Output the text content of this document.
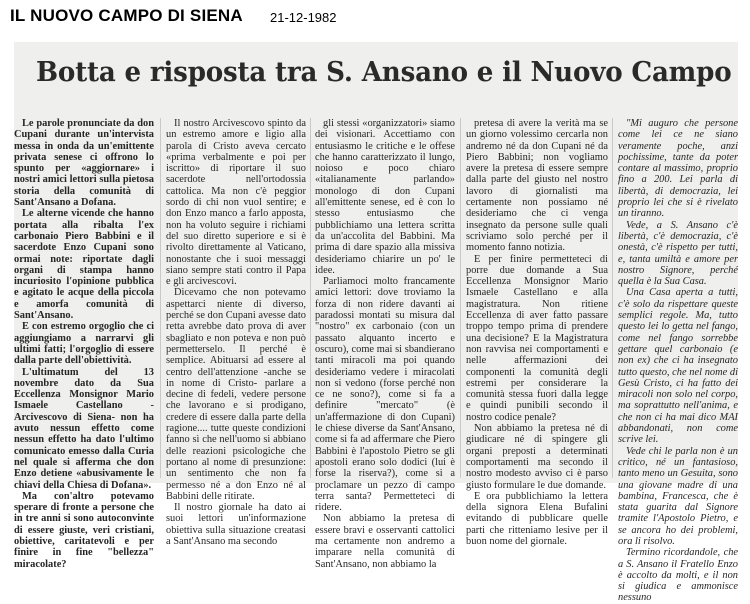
IL NUOVO CAMPO DI SIENA 21-12-1982
Botta e risposta tra S. Ansano e il Nuovo Campo

Le parole pronunciate da don Cupani durante un'intervista messa in onda da un'emittente privata senese ci offrono lo spunto per «aggiornare» i nostri amici lettori sulla pietosa storia della comunità di Sant'Ansano a Dofana.

Le alterne vicende che hanno portata alla ribalta l'ex carbonaio Piero Babbini e il sacerdote Enzo Cupani sono ormai note: riportate dagli organi di stampa hanno incuriosito l'opinione pubblica e agitato le acque della piccola e amorfa comunità di Sant'Ansano.

E con estremo orgoglio che ci aggiungiamo a narrarvi gli ultimi fatti; l'orgoglio di essere dalla parte dell'obiettività.

L'ultimatum del 13 novembre dato da Sua Eccellenza Monsignor Mario Ismaele Castellano -Arcivescovo di Siena- non ha avuto nessun effetto come nessun effetto ha dato l'ultimo comunicato emesso dalla Curia nel quale si afferma che don Enzo detiene «abusivamente le chiavi della Chiesa di Dofana».

Ma con'altro potevamo sperare di fronte a persone che in tre anni si sono autoconvinte di essere giuste, veri cristiani, obiettive, caritatevoli e per finire in fine "bellezza" miracolate?

Il nostro Arcivescovo spinto da un estremo amore e ligio alla parola di Cristo aveva cercato «prima verbalmente e poi per iscritto» di riportare il suo sacerdote nell'ortodossia cattolica. Ma non c'è peggior sordo di chi non vuol sentire; e don Enzo manco a farlo apposta, non ha voluto seguire i richiami del suo diretto superiore e si è rivolto direttamente al Vaticano, nonostante che i suoi messaggi siano sempre stati contro il Papa e gli arcivescovi.

Dicevamo che non potevamo aspettarci niente di diverso, perché se don Cupani avesse dato retta avrebbe dato prova di aver sbagliato e non poteva e non può permetterselo. Il perché è semplice. Abituarsi ad essere al centro dell'attenzione -anche se in nome di Cristo- parlare a decine di fedeli, vedere persone che lavorano e si prodigano, credere di essere dalla parte della ragione.... tutte queste condizioni fanno sì che nell'uomo si abbiano delle reazioni psicologiche che portano al nome di presunzione: un sentimento che non fa permesso né a don Enzo né al Babbini delle ritirate.

Il nostro giornale ha dato ai suoi lettori un'informazione obiettiva sulla situazione creatasi a Sant'Ansano ma secondo

gli stessi «organizzatori» siamo dei visionari. Accettiamo con entusiasmo le critiche e le offese che hanno caratterizzato il lungo, noioso e poco chiaro «italianamente parlando» monologo di don Cupani all'emittente senese, ed è con lo stesso entusiasmo che pubblichiamo una lettera scritta da un'accolita del Babbini. Ma prima di dare spazio alla missiva desideriamo chiarire un po' le idee.

Parliamoci molto francamente amici lettori: dove troviamo la forza di non ridere davanti ai paradossi montati su misura dal "nostro" ex carbonaio (con un passato alquanto incerto e oscuro), come mai si sbandierano tanti miracoli ma poi quando desideriamo vedere i miracolati non si vedono (forse perché non ce ne sono?), come si fa a definire "mercato" (è un'affermazione di don Cupani) le chiese diverse da Sant'Ansano, come si fa ad affermare che Piero Babbini è l'apostolo Pietro se gli apostoli erano solo dodici (lui è forse la riserva?), come si a proclamare un pezzo di campo terra santa? Permetteteci di ridere.

Non abbiamo la pretesa di essere bravi e osservanti cattolici ma certamente non andremo a imparare nella comunità di Sant'Ansano, non abbiamo la

pretesa di avere la verità ma se un giorno volessimo cercarla non andremo né da don Cupani né da Piero Babbini; non vogliamo avere la pretesa di essere sempre dalla parte del giusto nel nostro lavoro di giornalisti ma certamente non possiamo né desideriamo che ci venga insegnato da persone sulle quali scriviamo solo perché per il momento fanno notizia.

E per finire permetteteci di porre due domande a Sua Eccellenza Monsignor Mario Ismaele Castellano e alla magistratura. Non ritiene Eccellenza di aver fatto passare troppo tempo prima di prendere una decisione? E la Magistratura non ravvisa nei comportamenti e nelle affermazioni dei componenti la comunità degli estremi per considerare la comunità stessa fuori dalla legge e quindi punibili secondo il nostro codice penale?

Non abbiamo la pretesa né di giudicare né di spingere gli organi preposti a determinati comportamenti ma secondo il nostro modesto avviso ci è parso giusto formulare le due domande.

E ora pubblichiamo la lettera della signora Elena Bufalini evitando di pubblicare quelle parti che ritteniamo lesive per il buon nome del giornale.

"Mi auguro che persone come lei ce ne siano veramente poche, anzi pochissime, tante da poter contare al massimo, proprio fino a 200. Lei parla di libertà, di democrazia, lei proprio lei che si è rivelato un tiranno.

Vede, a S. Ansano c'è libertà, c'è democrazia, c'è onestà, c'è rispetto per tutti, e, tanta umiltà e amore per nostro Signore, perché quella è la Sua Casa.

Una Casa aperta a tutti, c'è solo da rispettare queste semplici regole. Ma, tutto questo lei lo getta nel fango, come nel fango sorrebbe gettare quel carbonaio (e non ex) che ci ha insegnato tutto questo, che nel nome di Gesù Cristo, ci ha fatto dei miracoli non solo nel corpo, ma soprattutto nell'anima, e che non ci ha mai dico MAI abbandonati, non come scrive lei.

Vede chi le parla non è un critico, né un fantasioso, tanto meno un Gesuita, sono una giovane madre di una bambina, Francesca, che è stata guarita dal Signore tramite l'Apostolo Pietro, e se ancora ho dei problemi, ora li risolvo.

Termino ricordandole, che a S. Ansano il Fratello Enzo è accolto da molti, e il non si giudica e ammonisce nessuno
